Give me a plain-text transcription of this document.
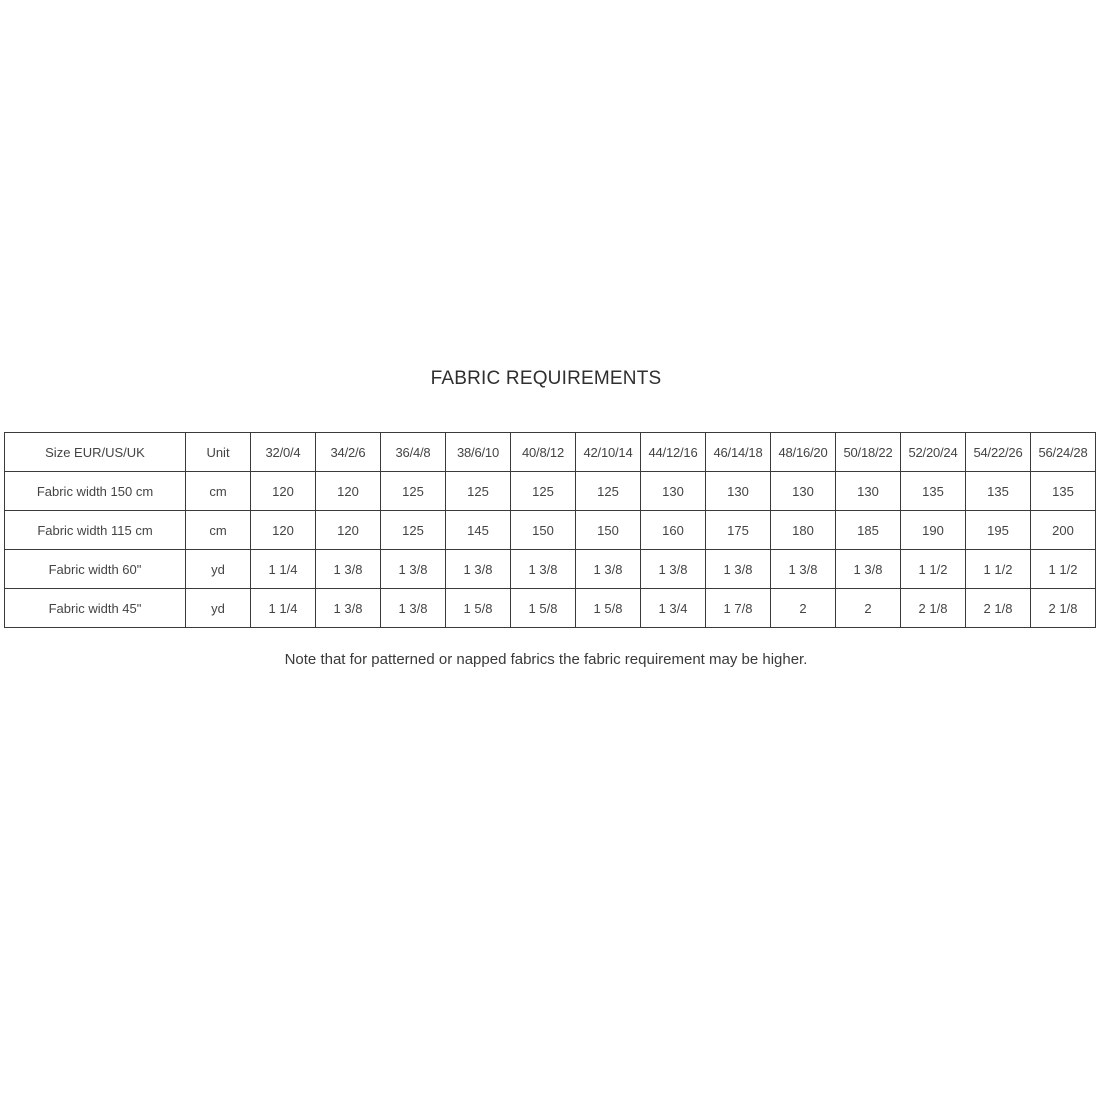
FABRIC REQUIREMENTS
Size EUR/US/UK	Unit	32/0/4	34/2/6	36/4/8	38/6/10	40/8/12	42/10/14	44/12/16	46/14/18	48/16/20	50/18/22	52/20/24	54/22/26	56/24/28
Fabric width 150 cm	cm	120	120	125	125	125	125	130	130	130	130	135	135	135
Fabric width 115 cm	cm	120	120	125	145	150	150	160	175	180	185	190	195	200
Fabric width 60"	yd	1 1/4	1 3/8	1 3/8	1 3/8	1 3/8	1 3/8	1 3/8	1 3/8	1 3/8	1 3/8	1 1/2	1 1/2	1 1/2
Fabric width 45"	yd	1 1/4	1 3/8	1 3/8	1 5/8	1 5/8	1 5/8	1 3/4	1 7/8	2	2	2 1/8	2 1/8	2 1/8

Note that for patterned or napped fabrics the fabric requirement may be higher.
